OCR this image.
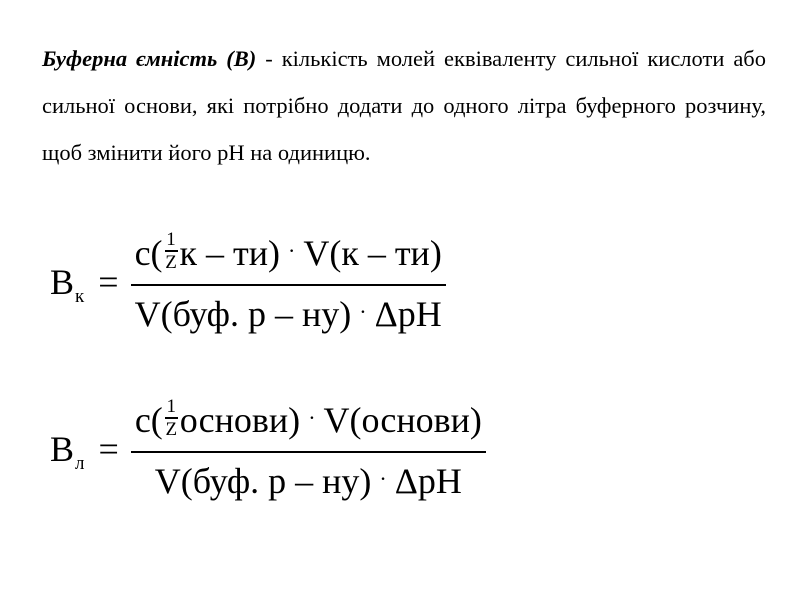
Буферна ємність (В) - кількість молей еквіваленту сильної кислоти або сильної основи, які потрібно додати до одного літра буферного розчину, щоб змінити його рН на одиницю.

В к =
$с( \frac{1}{Z}$ к – ти) · V(к – ти)
V(буф. р – ну) · ΔрН
В л =
$с( \frac{1}{Z}$ основи) · V(основи)
V(буф. р – ну) · ΔрН
